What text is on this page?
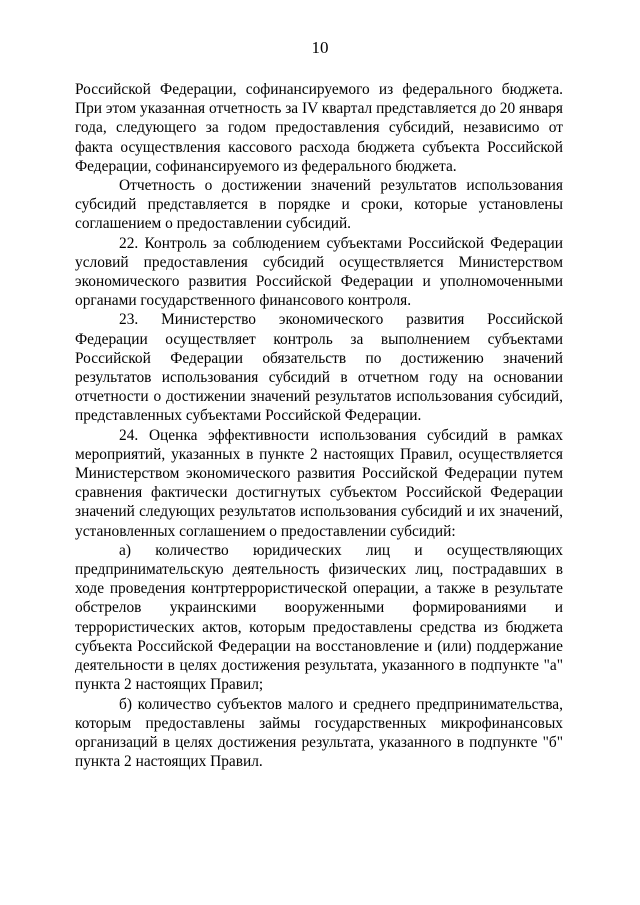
10

Российской Федерации, софинансируемого из федерального бюджета. При этом указанная отчетность за IV квартал представляется до 20 января года, следующего за годом предоставления субсидий, независимо от факта осуществления кассового расхода бюджета субъекта Российской Федерации, софинансируемого из федерального бюджета.

Отчетность о достижении значений результатов использования субсидий представляется в порядке и сроки, которые установлены соглашением о предоставлении субсидий.

22. Контроль за соблюдением субъектами Российской Федерации условий предоставления субсидий осуществляется Министерством экономического развития Российской Федерации и уполномоченными органами государственного финансового контроля.

23. Министерство экономического развития Российской Федерации осуществляет контроль за выполнением субъектами Российской Федерации обязательств по достижению значений результатов использования субсидий в отчетном году на основании отчетности о достижении значений результатов использования субсидий, представленных субъектами Российской Федерации.

24. Оценка эффективности использования субсидий в рамках мероприятий, указанных в пункте 2 настоящих Правил, осуществляется Министерством экономического развития Российской Федерации путем сравнения фактически достигнутых субъектом Российской Федерации значений следующих результатов использования субсидий и их значений, установленных соглашением о предоставлении субсидий:

а) количество юридических лиц и осуществляющих предпринимательскую деятельность физических лиц, пострадавших в ходе проведения контртеррористической операции, а также в результате обстрелов украинскими вооруженными формированиями и террористических актов, которым предоставлены средства из бюджета субъекта Российской Федерации на восстановление и (или) поддержание деятельности в целях достижения результата, указанного в подпункте "а" пункта 2 настоящих Правил;

б) количество субъектов малого и среднего предпринимательства, которым предоставлены займы государственных микрофинансовых организаций в целях достижения результата, указанного в подпункте "б" пункта 2 настоящих Правил.
